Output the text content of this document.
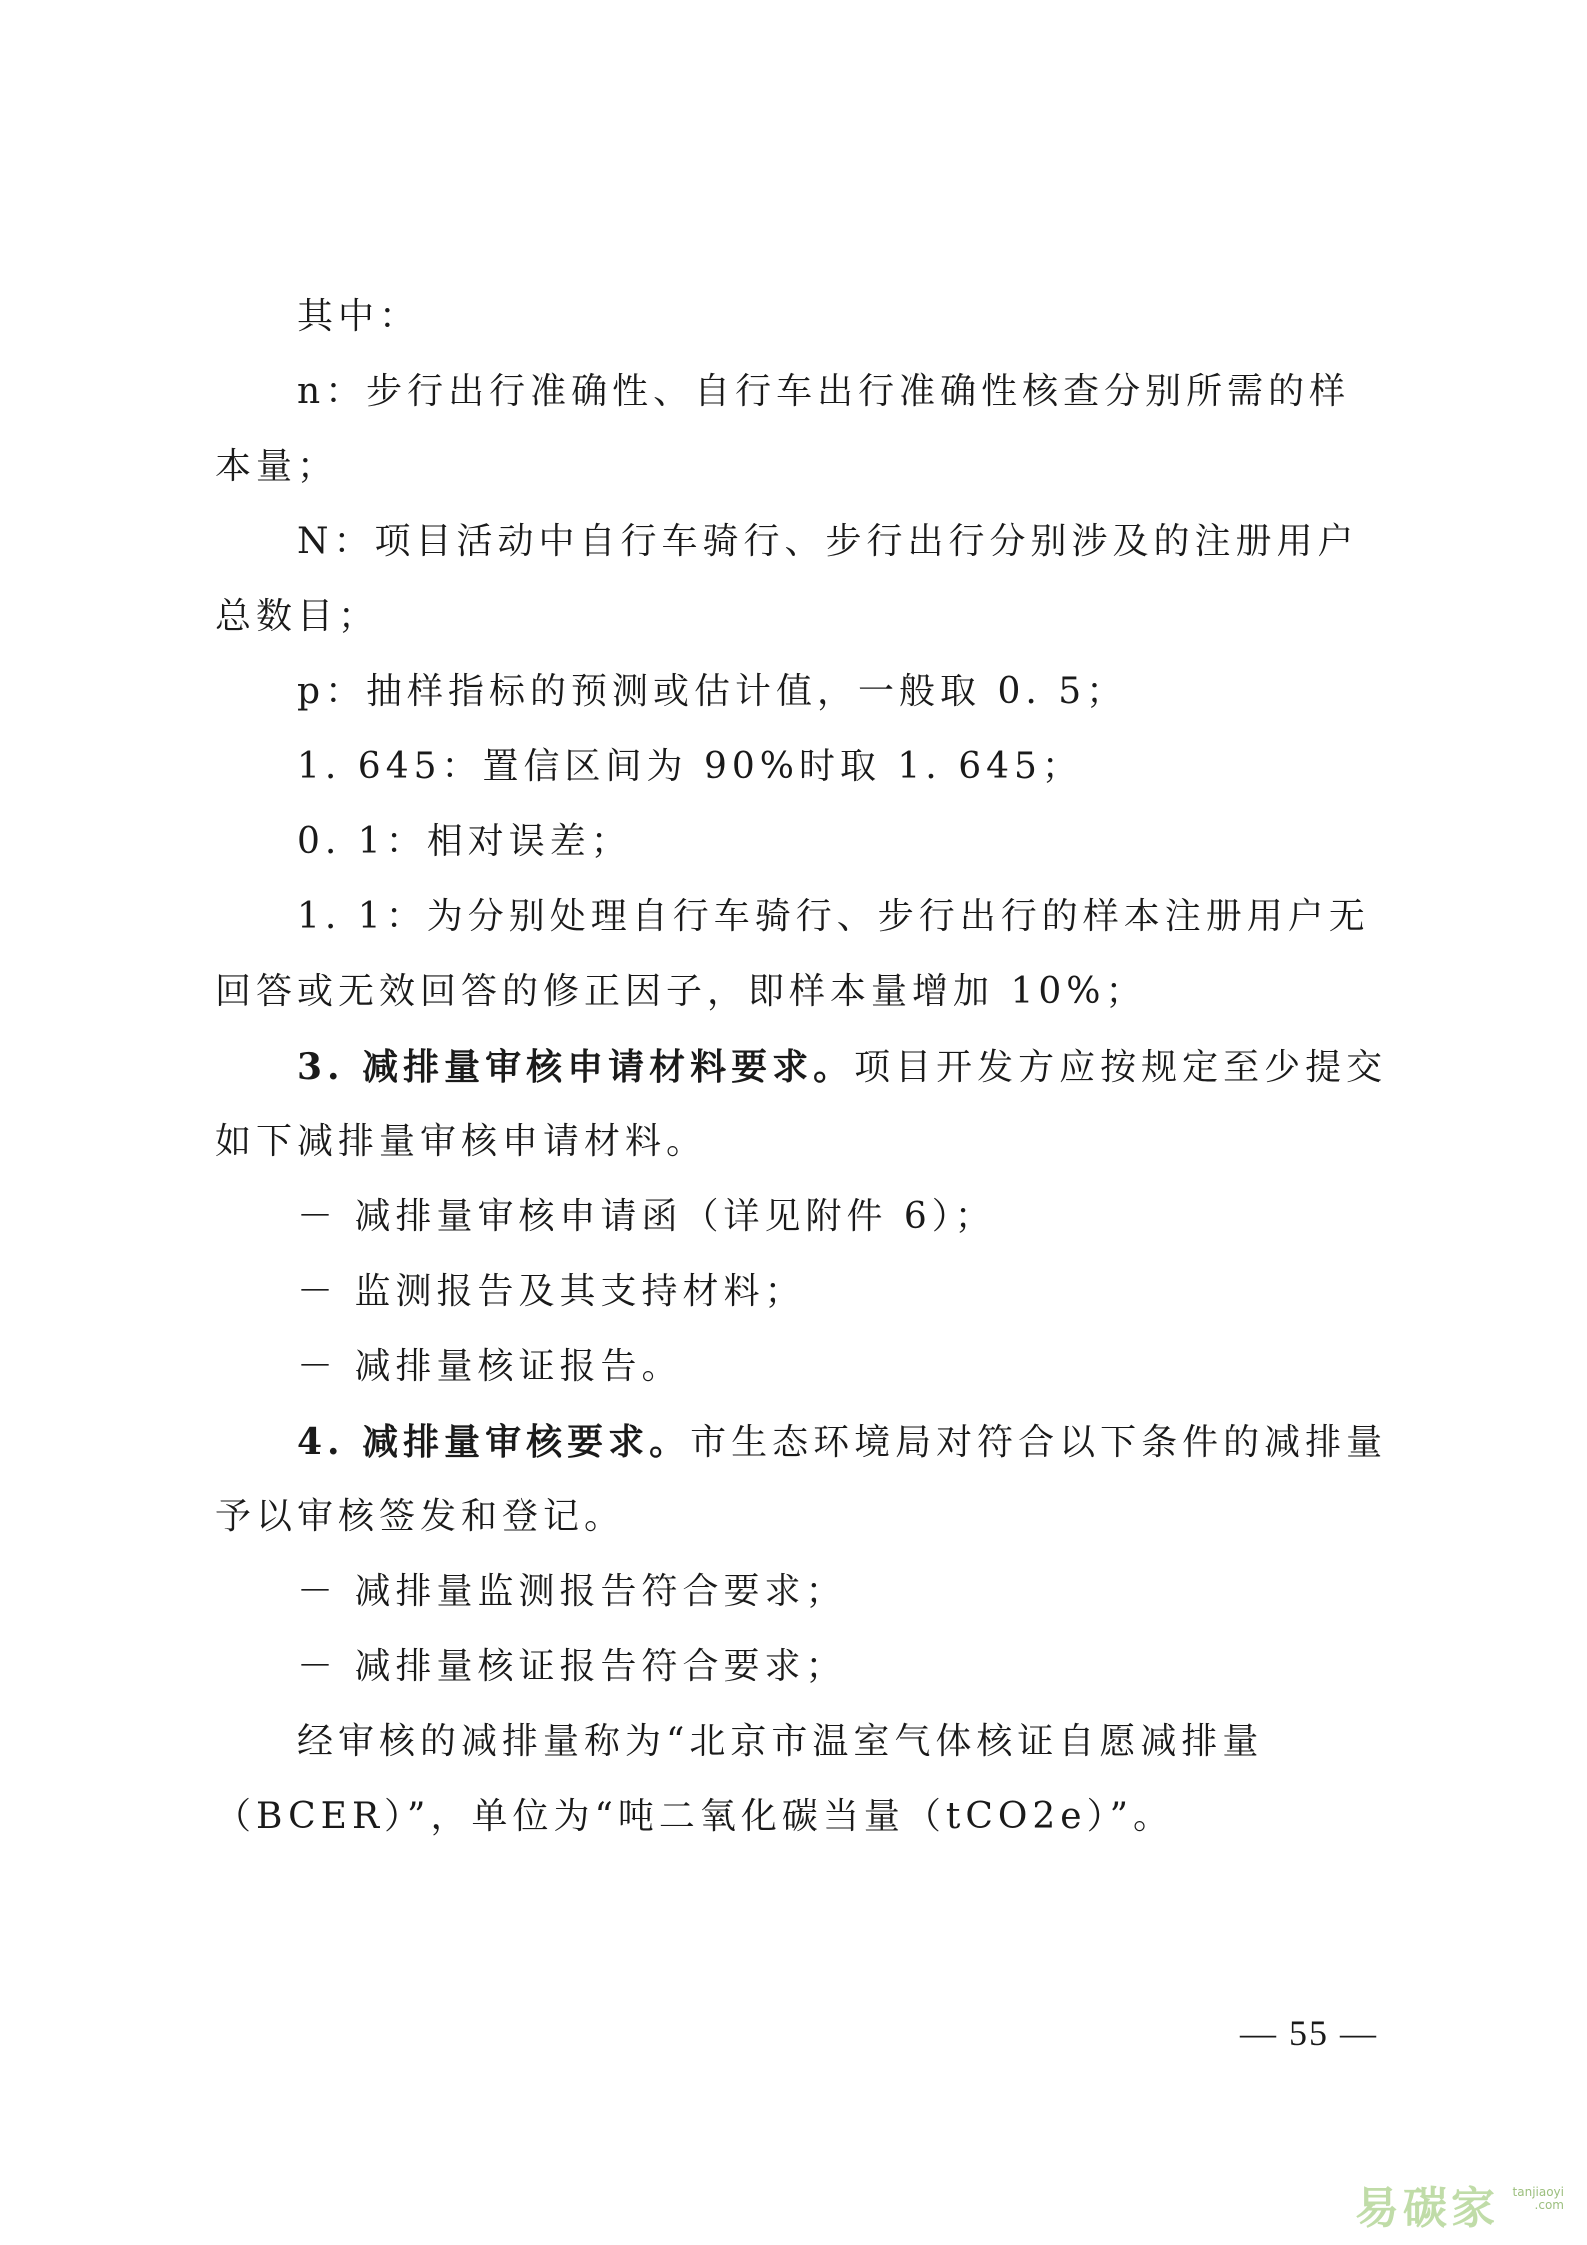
其中：
n：步行出行准确性、自行车出行准确性核查分别所需的样
本量；
N：项目活动中自行车骑行、步行出行分别涉及的注册用户
总数目；
p：抽样指标的预测或估计值，一般取 0. 5；
1. 645：置信区间为 90%时取 1. 645；
0. 1：相对误差；
1. 1：为分别处理自行车骑行、步行出行的样本注册用户无
回答或无效回答的修正因子，即样本量增加 10%；
3. 减排量审核申请材料要求。项目开发方应按规定至少提交
如下减排量审核申请材料。
－ 减排量审核申请函（详见附件 6）；
－ 监测报告及其支持材料；
－ 减排量核证报告。
4. 减排量审核要求。市生态环境局对符合以下条件的减排量
予以审核签发和登记。
－ 减排量监测报告符合要求；
－ 减排量核证报告符合要求；
经审核的减排量称为“北京市温室气体核证自愿减排量
（BCER）”，单位为“吨二氧化碳当量（tCO2e）”。
— 55 —
易碳家 tanjiaoyi
.com
